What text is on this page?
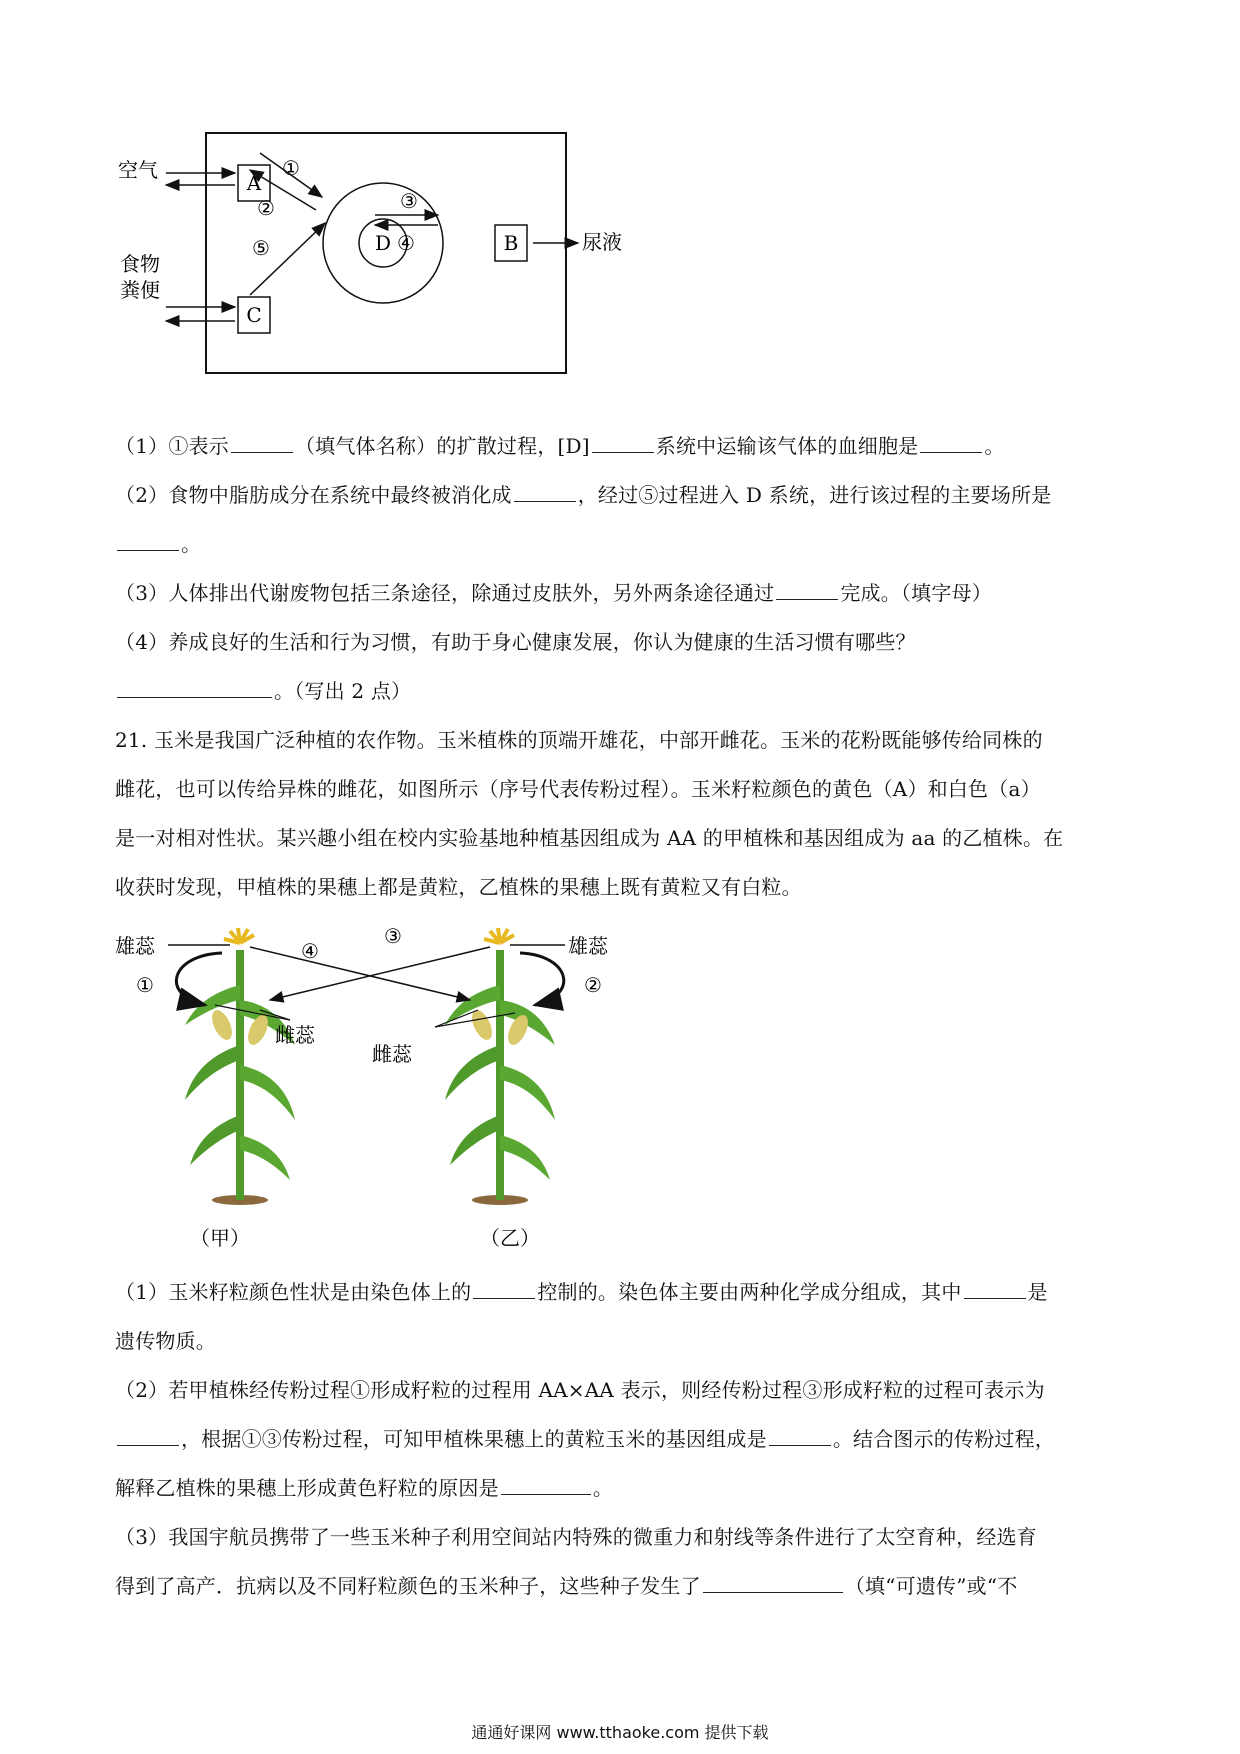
A
C
B
D
空气
食物
粪便
尿液
①
②
⑤
③
④
（1）①表示	（填气体名称）的扩散过程，[D]	系统中运输该气体的血细胞是	。
（2）食物中脂肪成分在系统中最终被消化成	，经过⑤过程进入 D 系统，进行该过程的主要场所是
。
（3）人体排出代谢废物包括三条途径，除通过皮肤外，另外两条途径通过	完成。（填字母）
（4）养成良好的生活和行为习惯，有助于身心健康发展，你认为健康的生活习惯有哪些？
。（写出 2 点）
21. 玉米是我国广泛种植的农作物。玉米植株的顶端开雄花，中部开雌花。玉米的花粉既能够传给同株的
雌花，也可以传给异株的雌花，如图所示（序号代表传粉过程）。玉米籽粒颜色的黄色（A）和白色（a）
是一对相对性状。某兴趣小组在校内实验基地种植基因组成为 AA 的甲植株和基因组成为 aa 的乙植株。在
收获时发现，甲植株的果穗上都是黄粒，乙植株的果穗上既有黄粒又有白粒。
雄蕊	雄蕊
雌蕊
雌蕊
①	②
③
④
（甲）	（乙）
（1）玉米籽粒颜色性状是由染色体上的	控制的。染色体主要由两种化学成分组成，其中	是
遗传物质。
（2）若甲植株经传粉过程①形成籽粒的过程用 AA×AA 表示，则经传粉过程③形成籽粒的过程可表示为
，根据①③传粉过程，可知甲植株果穗上的黄粒玉米的基因组成是	。结合图示的传粉过程，
解释乙植株的果穗上形成黄色籽粒的原因是	。
（3）我国宇航员携带了一些玉米种子利用空间站内特殊的微重力和射线等条件进行了太空育种，经选育
得到了高产．抗病以及不同籽粒颜色的玉米种子，这些种子发生了	（填“可遗传”或“不
通通好课网 www.tthaoke.com 提供下载
